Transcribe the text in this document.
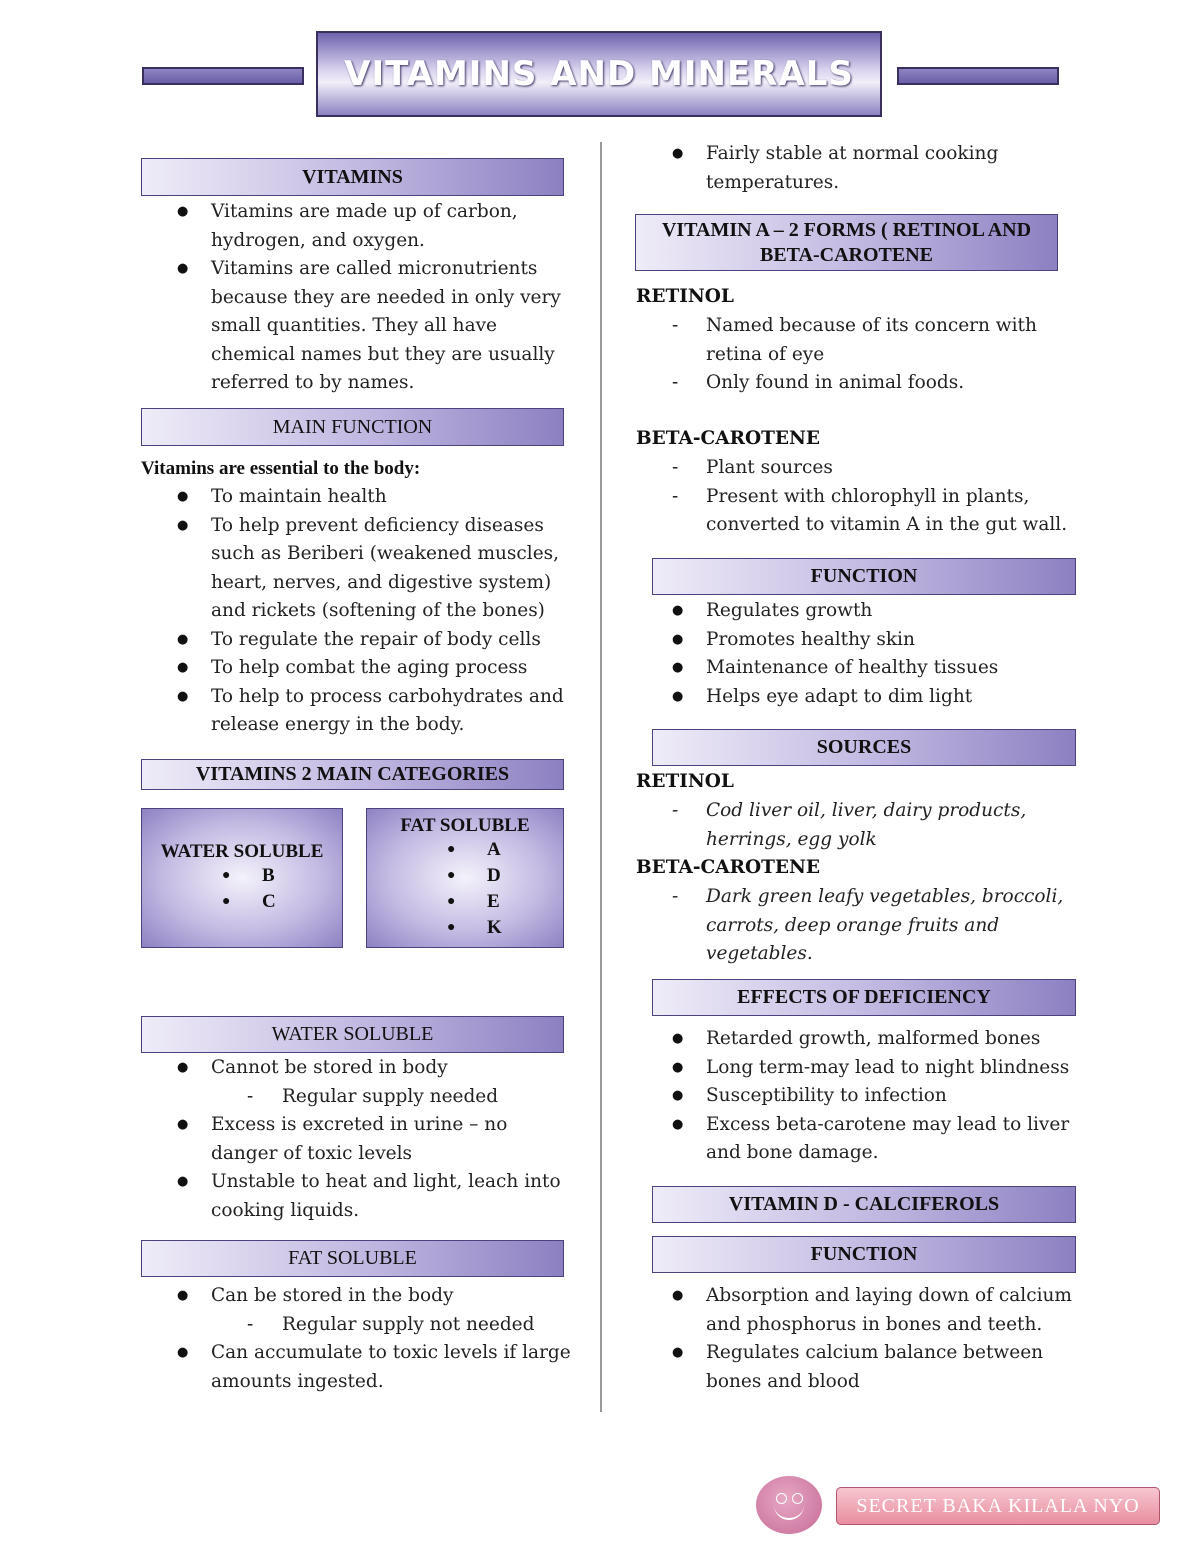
VITAMINS AND MINERALS
VITAMINS
● Vitamins are made up of carbon, hydrogen, and oxygen.
● Vitamins are called micronutrients because they are needed in only very small quantities. They all have chemical names but they are usually referred to by names.
MAIN FUNCTION
Vitamins are essential to the body:
● To maintain health
● To help prevent deficiency diseases such as Beriberi (weakened muscles, heart, nerves, and digestive system) and rickets (softening of the bones)
● To regulate the repair of body cells
● To help combat the aging process
● To help to process carbohydrates and release energy in the body.
VITAMINS 2 MAIN CATEGORIES
WATER SOLUBLE
● B
● C
FAT SOLUBLE
● A
● D
● E
● K
WATER SOLUBLE
● Cannot be stored in body
- Regular supply needed
● Excess is excreted in urine – no danger of toxic levels
● Unstable to heat and light, leach into cooking liquids.
FAT SOLUBLE
● Can be stored in the body
- Regular supply not needed
● Can accumulate to toxic levels if large amounts ingested.
● Fairly stable at normal cooking temperatures.
VITAMIN A – 2 FORMS ( RETINOL AND BETA-CAROTENE
RETINOL
- Named because of its concern with retina of eye
- Only found in animal foods.
BETA-CAROTENE
- Plant sources
- Present with chlorophyll in plants, converted to vitamin A in the gut wall.
FUNCTION
● Regulates growth
● Promotes healthy skin
● Maintenance of healthy tissues
● Helps eye adapt to dim light
SOURCES
RETINOL
- Cod liver oil, liver, dairy products, herrings, egg yolk
BETA-CAROTENE
- Dark green leafy vegetables, broccoli, carrots, deep orange fruits and vegetables.
EFFECTS OF DEFICIENCY
● Retarded growth, malformed bones
● Long term-may lead to night blindness
● Susceptibility to infection
● Excess beta-carotene may lead to liver and bone damage.
VITAMIN D - CALCIFEROLS
FUNCTION
● Absorption and laying down of calcium and phosphorus in bones and teeth.
● Regulates calcium balance between bones and blood
SECRET BAKA KILALA NYO
